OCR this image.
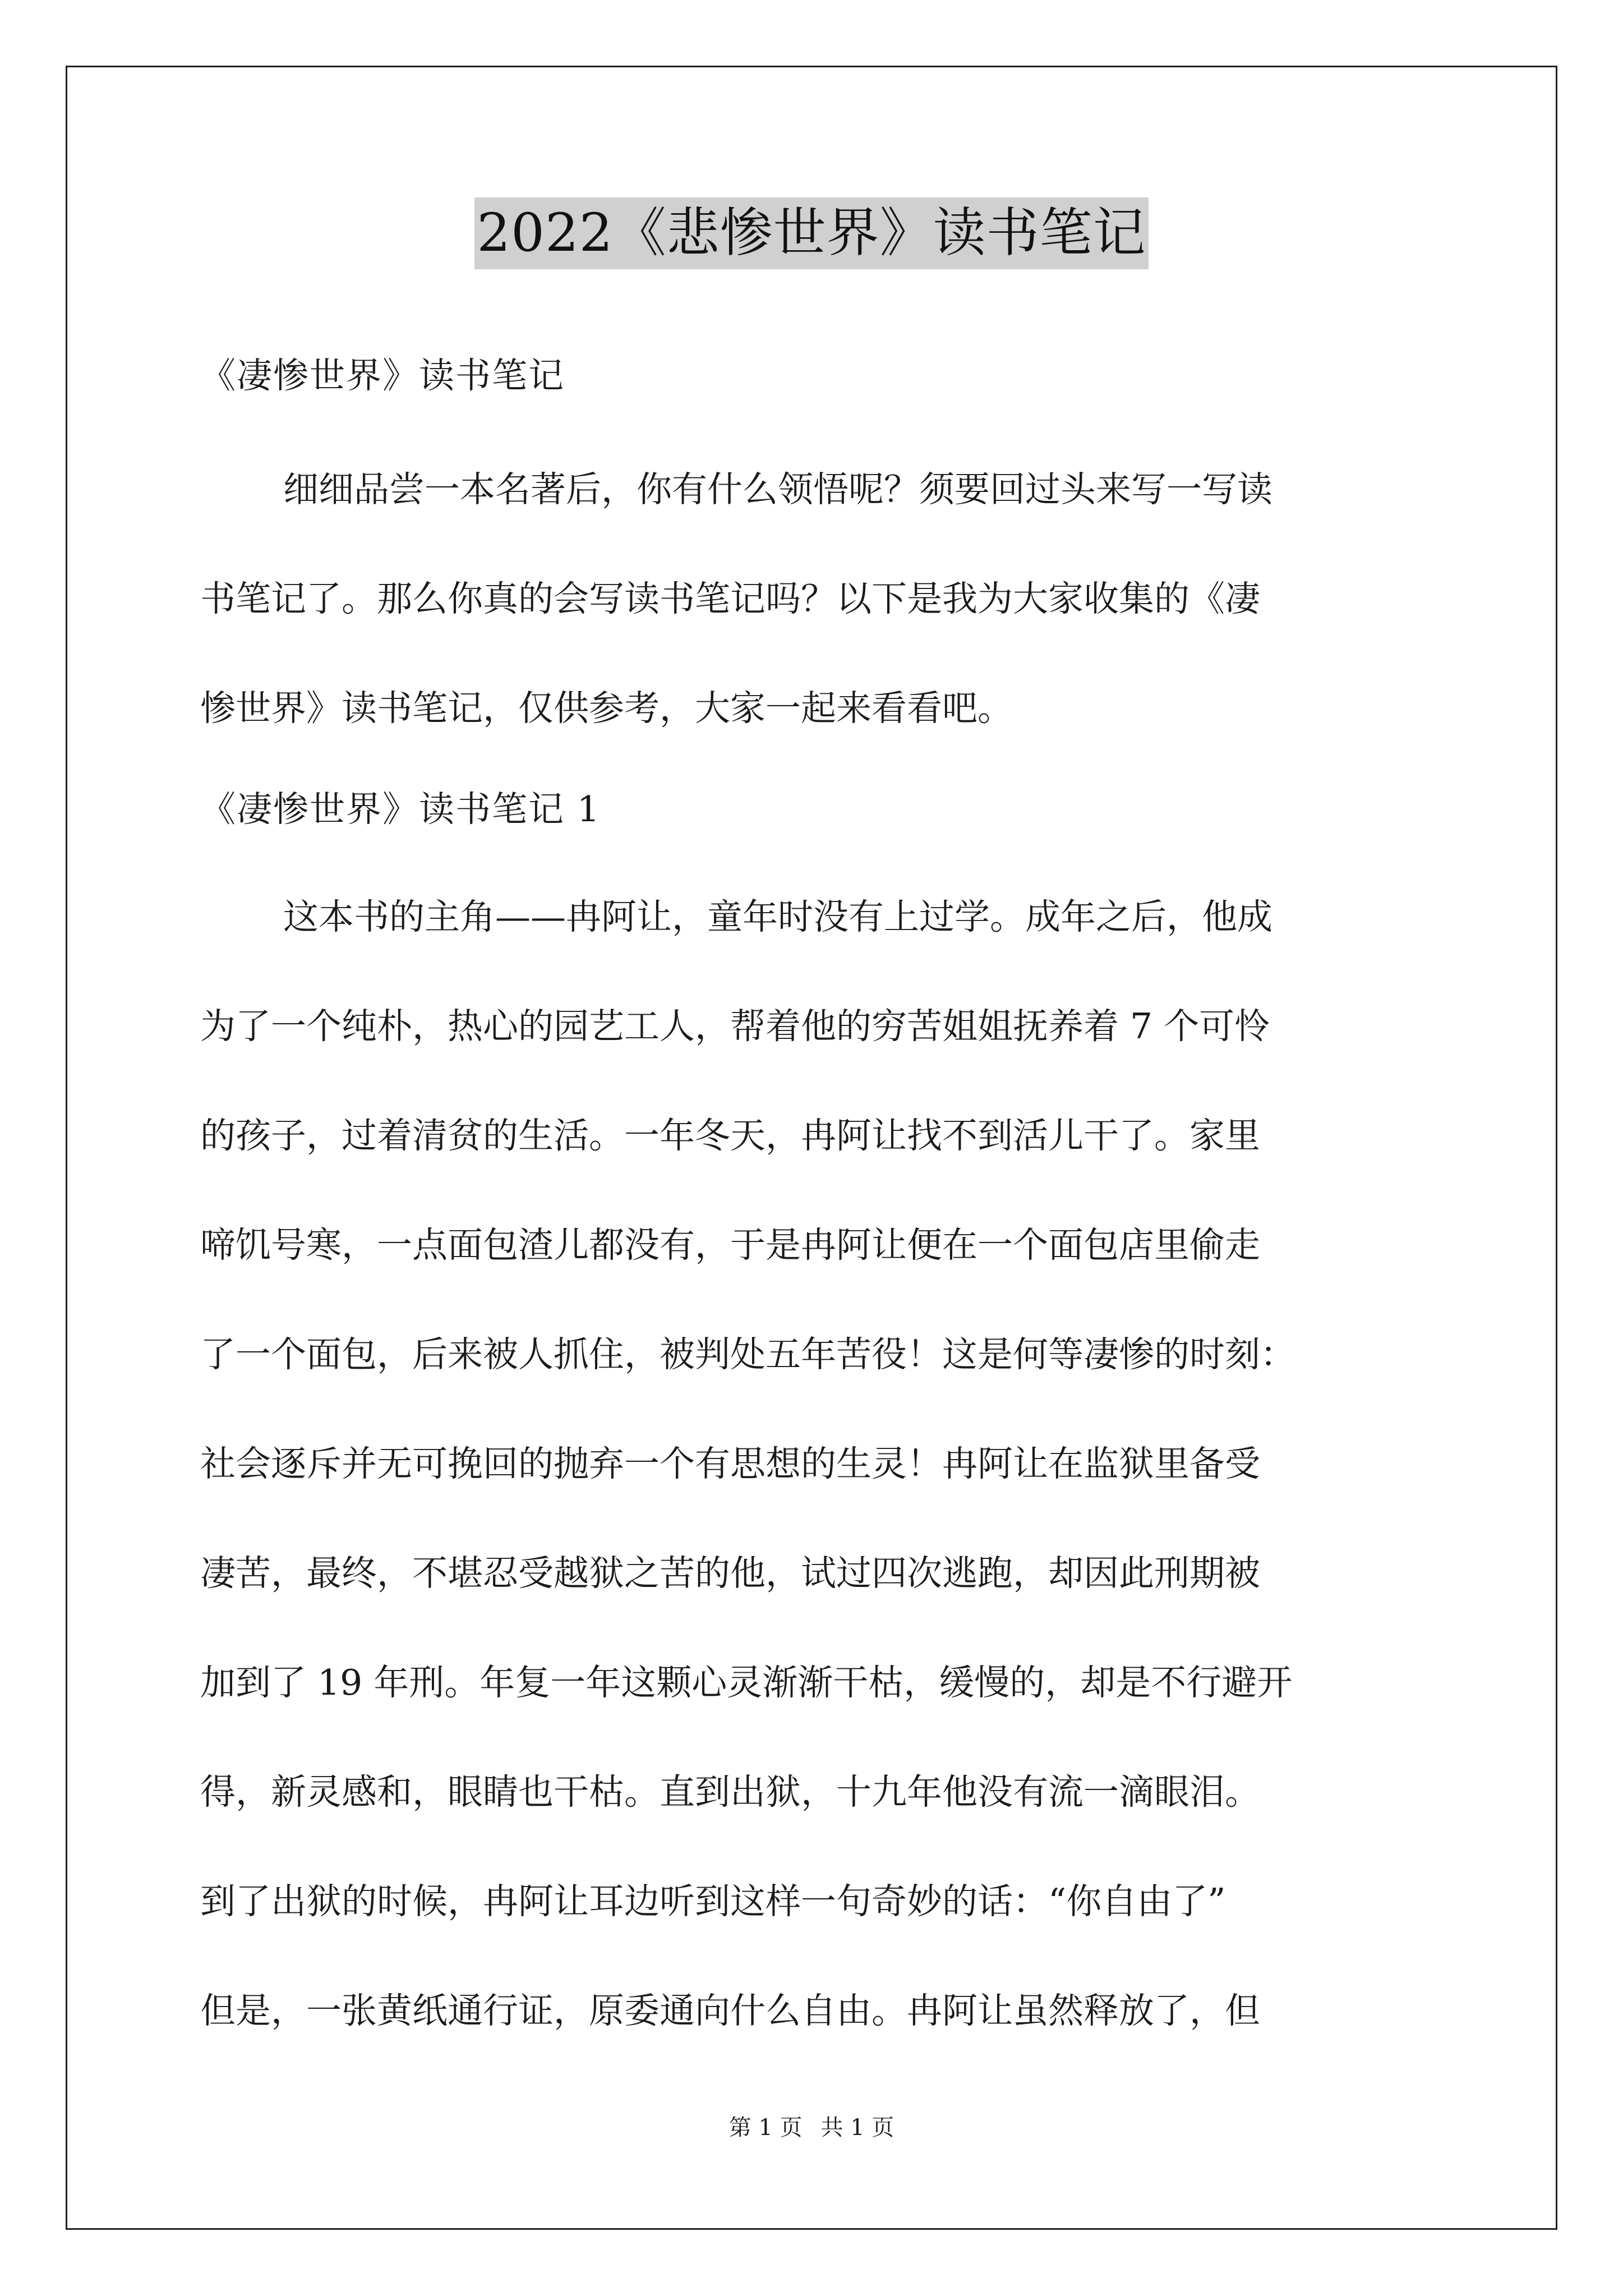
2022《悲惨世界》读书笔记
《凄惨世界》读书笔记
细细品尝一本名著后，你有什么领悟呢？须要回过头来写一写读
书笔记了。那么你真的会写读书笔记吗？以下是我为大家收集的《凄
惨世界》读书笔记，仅供参考，大家一起来看看吧。
《凄惨世界》读书笔记 1
这本书的主角——冉阿让，童年时没有上过学。成年之后，他成
为了一个纯朴，热心的园艺工人，帮着他的穷苦姐姐抚养着 7 个可怜
的孩子，过着清贫的生活。一年冬天，冉阿让找不到活儿干了。家里
啼饥号寒，一点面包渣儿都没有，于是冉阿让便在一个面包店里偷走
了一个面包，后来被人抓住，被判处五年苦役！这是何等凄惨的时刻：
社会逐斥并无可挽回的抛弃一个有思想的生灵！冉阿让在监狱里备受
凄苦，最终，不堪忍受越狱之苦的他，试过四次逃跑，却因此刑期被
加到了 19 年刑。年复一年这颗心灵渐渐干枯，缓慢的，却是不行避开
得，新灵感和，眼睛也干枯。直到出狱，十九年他没有流一滴眼泪。
到了出狱的时候，冉阿让耳边听到这样一句奇妙的话：“你自由了”
但是，一张黄纸通行证，原委通向什么自由。冉阿让虽然释放了，但
第 1 页 共 1 页
